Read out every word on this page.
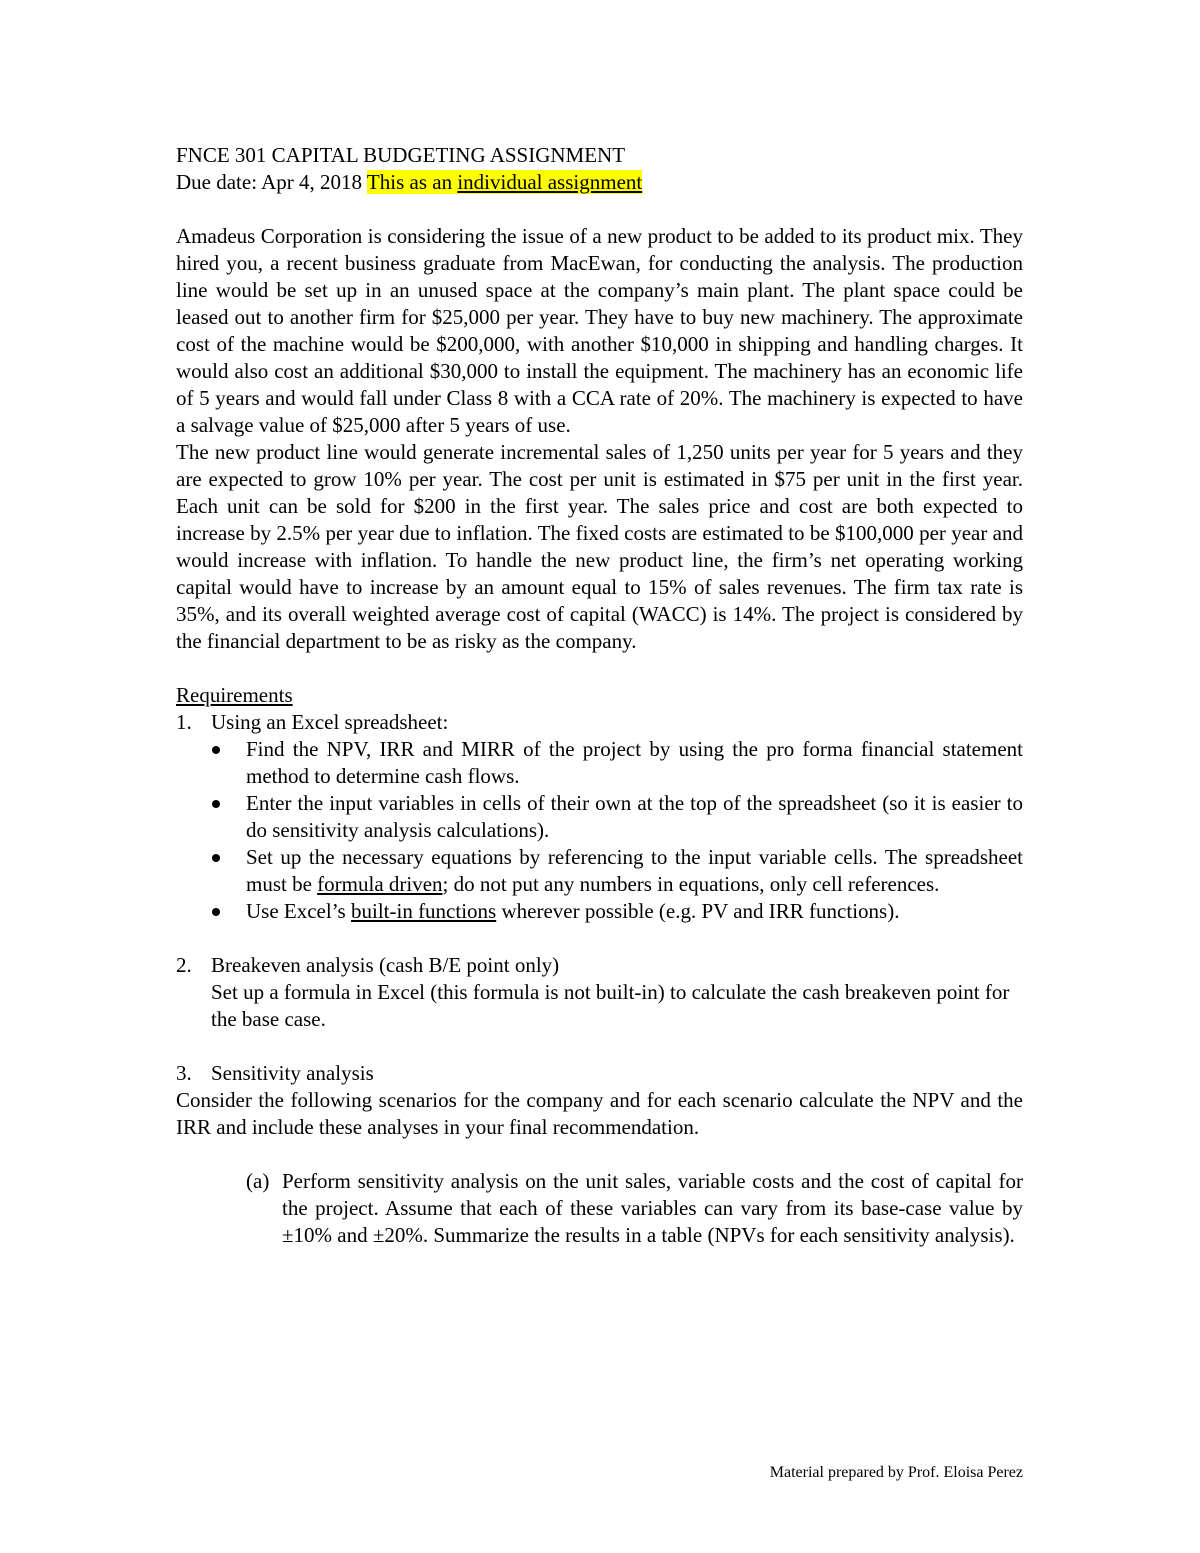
FNCE 301 CAPITAL BUDGETING ASSIGNMENT

Due date: Apr 4, 2018 This as an individual assignment

Amadeus Corporation is considering the issue of a new product to be added to its product mix. They hired you, a recent business graduate from MacEwan, for conducting the analysis. The production line would be set up in an unused space at the company’s main plant. The plant space could be leased out to another firm for $25,000 per year. They have to buy new machinery. The approximate cost of the machine would be $200,000, with another $10,000 in shipping and handling charges. It would also cost an additional $30,000 to install the equipment. The machinery has an economic life of 5 years and would fall under Class 8 with a CCA rate of 20%. The machinery is expected to have a salvage value of $25,000 after 5 years of use.

The new product line would generate incremental sales of 1,250 units per year for 5 years and they are expected to grow 10% per year. The cost per unit is estimated in $75 per unit in the first year. Each unit can be sold for $200 in the first year. The sales price and cost are both expected to increase by 2.5% per year due to inflation. The fixed costs are estimated to be $100,000 per year and would increase with inflation. To handle the new product line, the firm’s net operating working capital would have to increase by an amount equal to 15% of sales revenues. The firm tax rate is 35%, and its overall weighted average cost of capital (WACC) is 14%. The project is considered by the financial department to be as risky as the company.

Requirements

1. Using an Excel spreadsheet:
Find the NPV, IRR and MIRR of the project by using the pro forma financial statement method to determine cash flows.
Enter the input variables in cells of their own at the top of the spreadsheet (so it is easier to do sensitivity analysis calculations).
Set up the necessary equations by referencing to the input variable cells. The spreadsheet must be formula driven; do not put any numbers in equations, only cell references.
Use Excel’s built-in functions wherever possible (e.g. PV and IRR functions).
2. Breakeven analysis (cash B/E point only)

Set up a formula in Excel (this formula is not built-in) to calculate the cash breakeven point for the base case.

3. Sensitivity analysis

Consider the following scenarios for the company and for each scenario calculate the NPV and the IRR and include these analyses in your final recommendation.

(a) Perform sensitivity analysis on the unit sales, variable costs and the cost of capital for the project. Assume that each of these variables can vary from its base-case value by ±10% and ±20%. Summarize the results in a table (NPVs for each sensitivity analysis).
Material prepared by Prof. Eloisa Perez
